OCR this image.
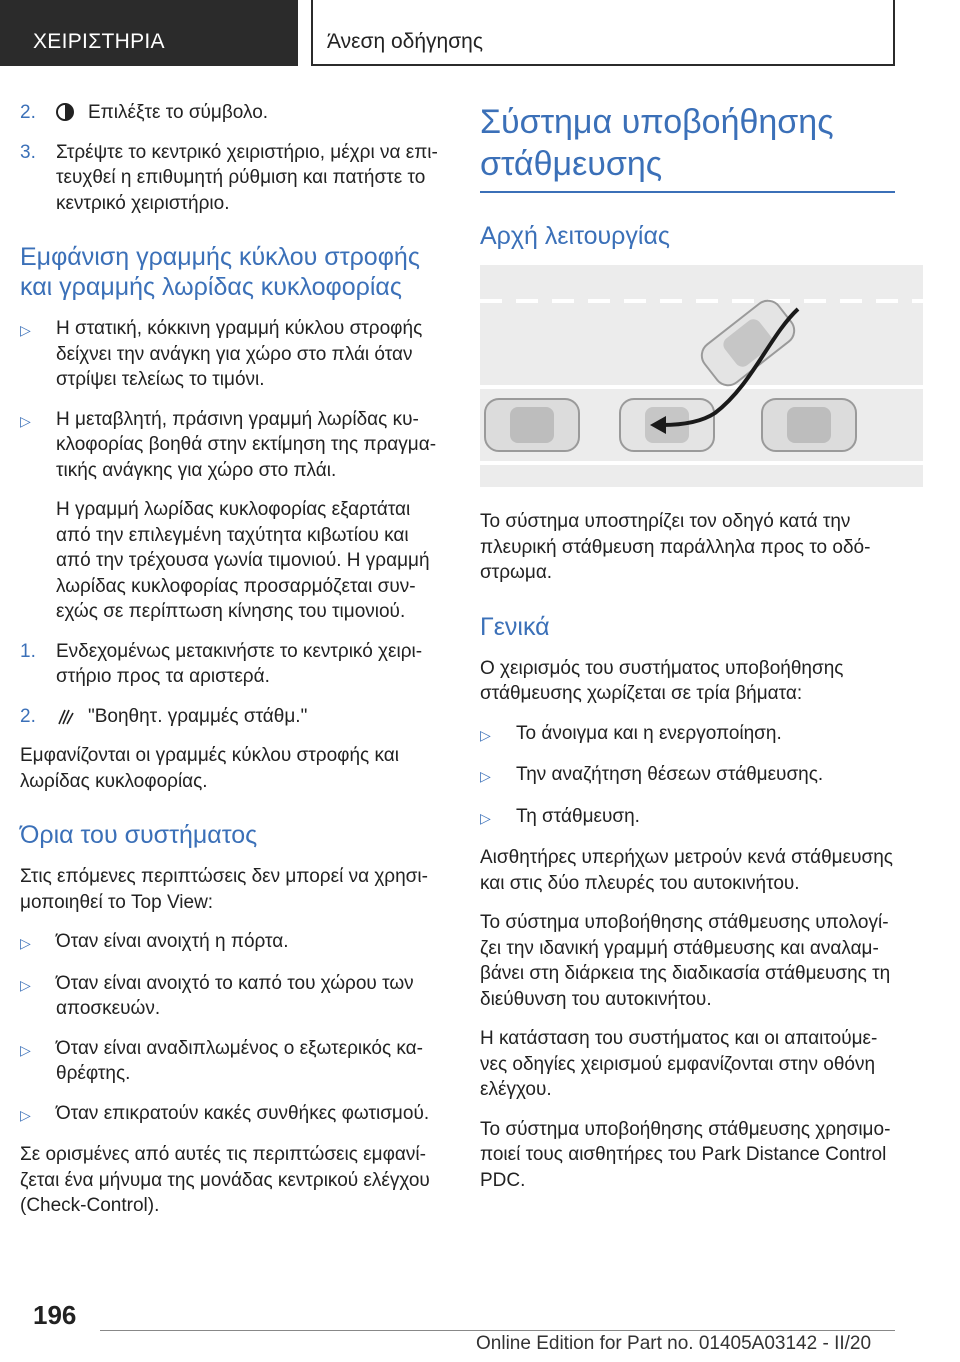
ΧΕΙΡΙΣΤΗΡΙΑ	Άνεση οδήγησης
2.	Επιλέξτε το σύμβολο.
3.	Στρέψτε το κεντρικό χειριστήριο, μέχρι να επιτευχθεί η επιθυμητή ρύθμιση και πατήστε το κεντρικό χειριστήριο.
Εμφάνιση γραμμής κύκλου στροφής και γραμμής λωρίδας κυκλοφορίας
▷	Η στατική, κόκκινη γραμμή κύκλου στροφής δείχνει την ανάγκη για χώρο στο πλάι όταν στρίψει τελείως το τιμόνι.
▷	Η μεταβλητή, πράσινη γραμμή λωρίδας κυκλοφορίας βοηθά στην εκτίμηση της πραγματικής ανάγκης για χώρο στο πλάι.

Η γραμμή λωρίδας κυκλοφορίας εξαρτάται από την επιλεγμένη ταχύτητα κιβωτίου και από την τρέχουσα γωνία τιμονιού. Η γραμμή λωρίδας κυκλοφορίας προσαρμόζεται συνεχώς σε περίπτωση κίνησης του τιμονιού.

1.	Ενδεχομένως μετακινήστε το κεντρικό χειριστήριο προς τα αριστερά.
2.	"Βοηθητ. γραμμές στάθμ."

Εμφανίζονται οι γραμμές κύκλου στροφής και λωρίδας κυκλοφορίας.

Όρια του συστήματος

Στις επόμενες περιπτώσεις δεν μπορεί να χρησιμοποιηθεί το Top View:

▷	Όταν είναι ανοιχτή η πόρτα.
▷	Όταν είναι ανοιχτό το καπό του χώρου των αποσκευών.
▷	Όταν είναι αναδιπλωμένος ο εξωτερικός καθρέφτης.
▷	Όταν επικρατούν κακές συνθήκες φωτισμού.

Σε ορισμένες από αυτές τις περιπτώσεις εμφανίζεται ένα μήνυμα της μονάδας κεντρικού ελέγχου (Check-Control).

Σύστημα υποβοήθησης στάθμευσης
Αρχή λειτουργίας

Το σύστημα υποστηρίζει τον οδηγό κατά την πλευρική στάθμευση παράλληλα προς το οδόστρωμα.

Γενικά

Ο χειρισμός του συστήματος υποβοήθησης στάθμευσης χωρίζεται σε τρία βήματα:

▷	Το άνοιγμα και η ενεργοποίηση.
▷	Την αναζήτηση θέσεων στάθμευσης.
▷	Τη στάθμευση.

Αισθητήρες υπερήχων μετρούν κενά στάθμευσης και στις δύο πλευρές του αυτοκινήτου.

Το σύστημα υποβοήθησης στάθμευσης υπολογίζει την ιδανική γραμμή στάθμευσης και αναλαμβάνει στη διάρκεια της διαδικασία στάθμευσης τη διεύθυνση του αυτοκινήτου.

Η κατάσταση του συστήματος και οι απαιτούμενες οδηγίες χειρισμού εμφανίζονται στην οθόνη ελέγχου.

Το σύστημα υποβοήθησης στάθμευσης χρησιμοποιεί τους αισθητήρες του Park Distance Control PDC.

196
Online Edition for Part no. 01405A03142 - II/20
